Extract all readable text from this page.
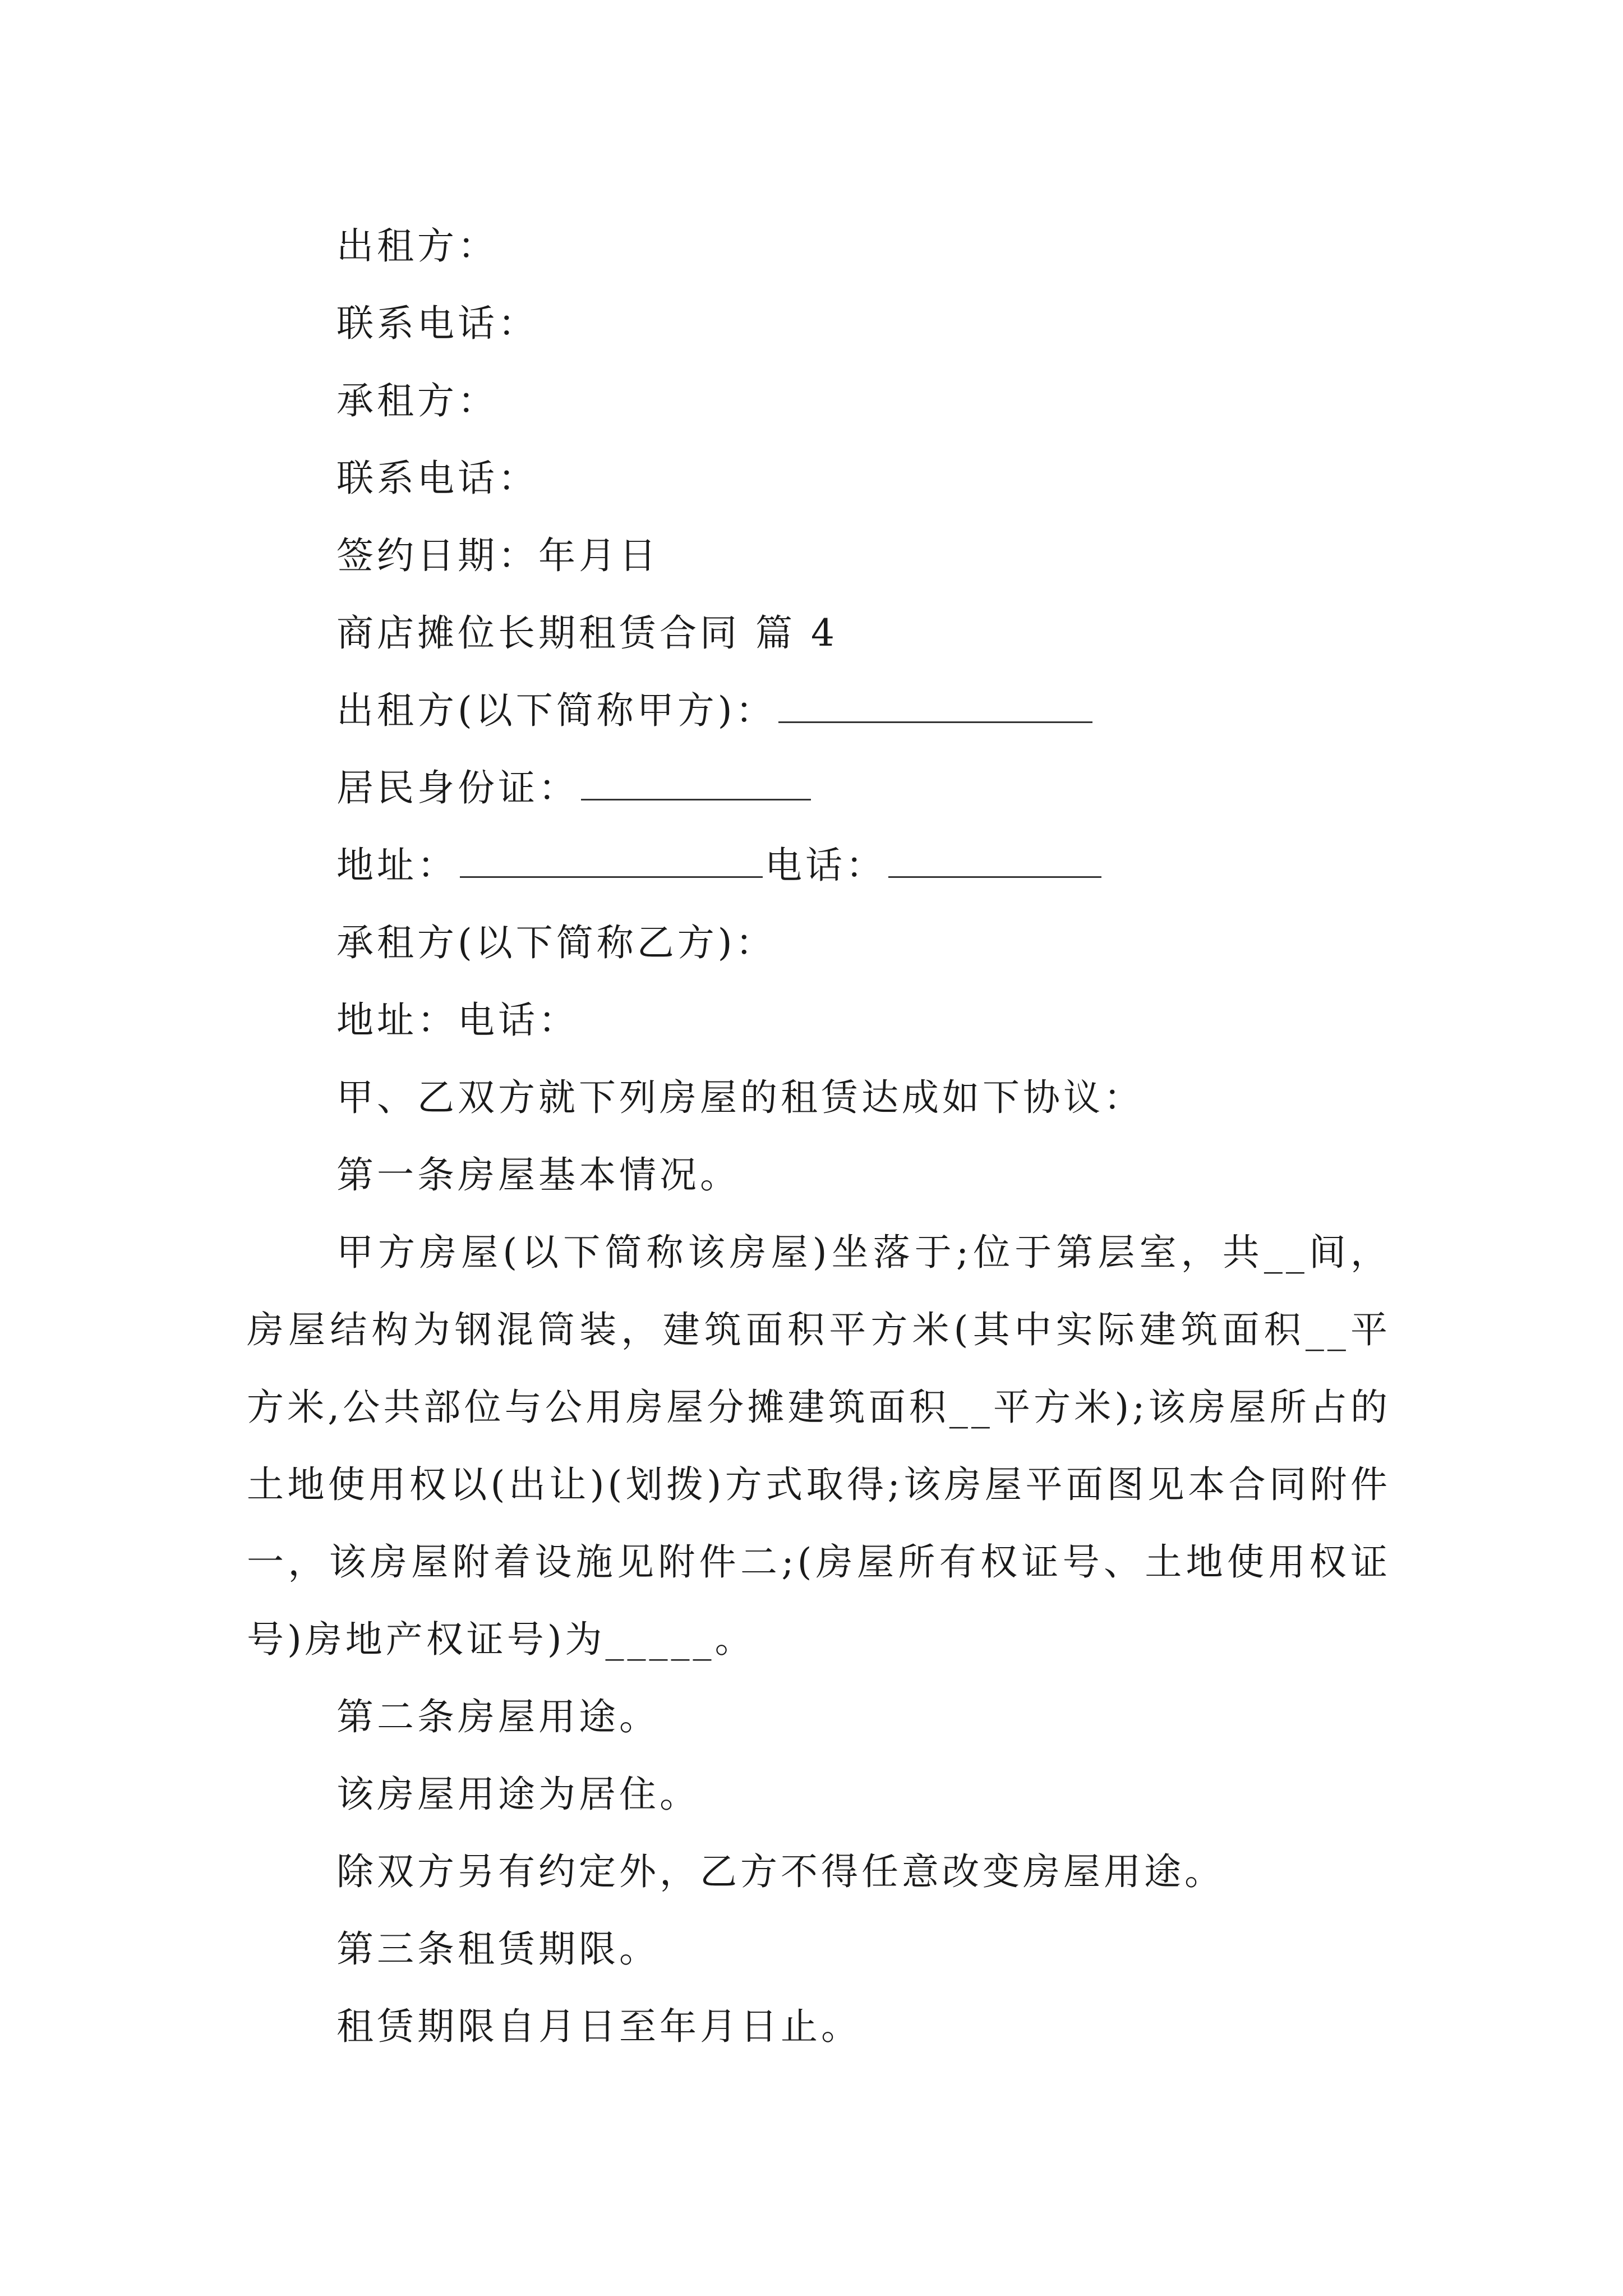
出租方：
联系电话：
承租方：
联系电话：
签约日期：年月日
商店摊位长期租赁合同 篇 4
出租方(以下简称甲方)：
居民身份证：
地址：	电话：
承租方(以下简称乙方)：
地址：电话：
甲、乙双方就下列房屋的租赁达成如下协议：
第一条房屋基本情况。
甲方房屋(以下简称该房屋)坐落于;位于第层室，共__间，房屋结构为钢混筒装，建筑面积平方米(其中实际建筑面积__平方米,公共部位与公用房屋分摊建筑面积__平方米);该房屋所占的土地使用权以(出让)(划拨)方式取得;该房屋平面图见本合同附件一，该房屋附着设施见附件二;(房屋所有权证号、土地使用权证号)房地产权证号)为_____。
第二条房屋用途。
该房屋用途为居住。
除双方另有约定外，乙方不得任意改变房屋用途。
第三条租赁期限。
租赁期限自月日至年月日止。
